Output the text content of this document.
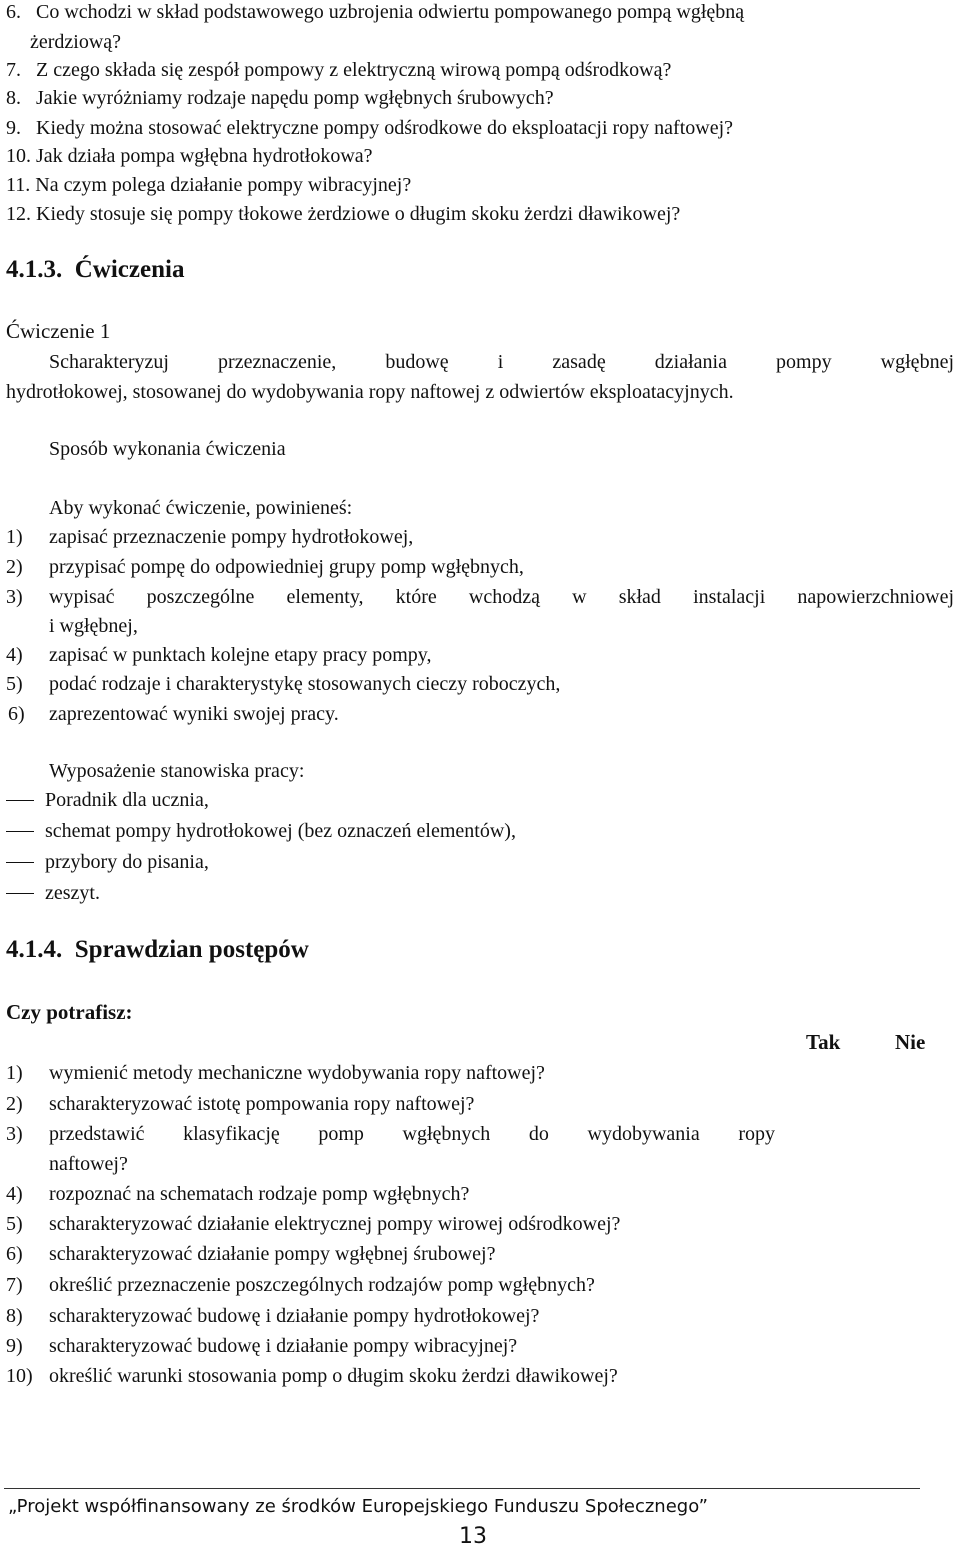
6.   Co wchodzi w skład podstawowego uzbrojenia odwiertu pompowanego pompą wgłębną
żerdziową?
7.   Z czego składa się zespół pompowy z elektryczną wirową pompą odśrodkową?
8.   Jakie wyróżniamy rodzaje napędu pomp wgłębnych śrubowych?
9.   Kiedy można stosować elektryczne pompy odśrodkowe do eksploatacji ropy naftowej?
10. Jak działa pompa wgłębna hydrotłokowa?
11. Na czym polega działanie pompy wibracyjnej?
12. Kiedy stosuje się pompy tłokowe żerdziowe o długim skoku żerdzi dławikowej?
4.1.3. Ćwiczenia
Ćwiczenie 1
Scharakteryzuj przeznaczenie, budowę i zasadę działania pompy wgłębnej
hydrotłokowej, stosowanej do wydobywania ropy naftowej z odwiertów eksploatacyjnych.
Sposób wykonania ćwiczenia
Aby wykonać ćwiczenie, powinieneś:
1) zapisać przeznaczenie pompy hydrotłokowej,
2) przypisać pompę do odpowiedniej grupy pomp wgłębnych,
3) wypisać poszczególne elementy, które wchodzą w skład instalacji napowierzchniowej
i wgłębnej,
4) zapisać w punktach kolejne etapy pracy pompy,
5) podać rodzaje i charakterystykę stosowanych cieczy roboczych,
6) zaprezentować wyniki swojej pracy.
Wyposażenie stanowiska pracy:
Poradnik dla ucznia,
schemat pompy hydrotłokowej (bez oznaczeń elementów),
przybory do pisania,
zeszyt.
4.1.4. Sprawdzian postępów
Czy potrafisz:
Tak	Nie
1) wymienić metody mechaniczne wydobywania ropy naftowej?
2) scharakteryzować istotę pompowania ropy naftowej?
3) przedstawić klasyfikację pomp wgłębnych do wydobywania ropy
naftowej?
4) rozpoznać na schematach rodzaje pomp wgłębnych?
5) scharakteryzować działanie elektrycznej pompy wirowej odśrodkowej?
6) scharakteryzować działanie pompy wgłębnej śrubowej?
7) określić przeznaczenie poszczególnych rodzajów pomp wgłębnych?
8) scharakteryzować budowę i działanie pompy hydrotłokowej?
9) scharakteryzować budowę i działanie pompy wibracyjnej?
10) określić warunki stosowania pomp o długim skoku żerdzi dławikowej?
„Projekt współfinansowany ze środków Europejskiego Funduszu Społecznego”
13
